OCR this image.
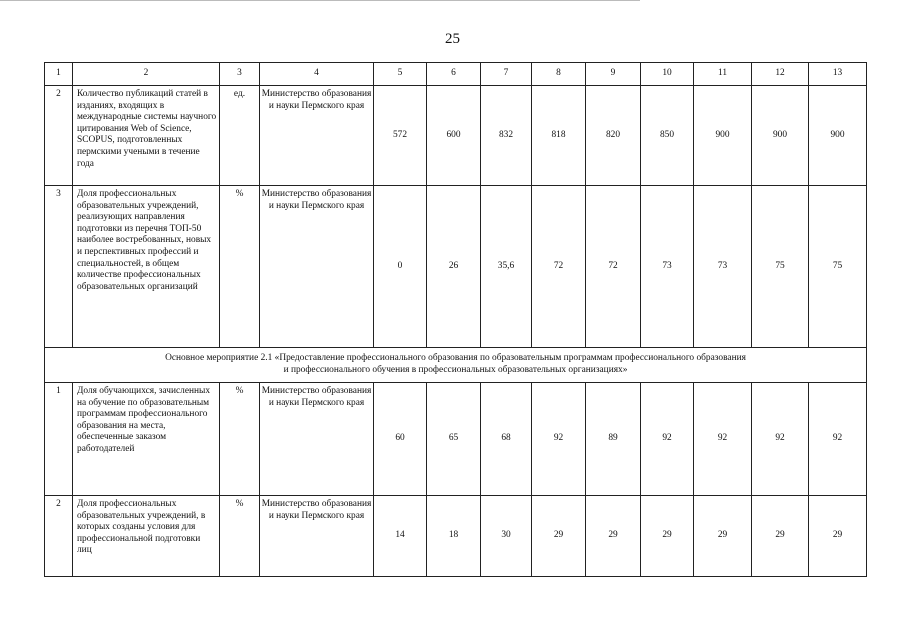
25
1	2	3	4	5	6	7	8	9	10	11	12	13
2	Количество публикаций статей в изданиях, входящих в международные системы научного цитирования Web of Science, SCOPUS, подготовленных пермскими учеными в течение года	ед.	Министерство образования и науки Пермского края	572	600	832	818	820	850	900	900	900
3	Доля профессиональных образовательных учреждений, реализующих направления подготовки из перечня ТОП-50 наиболее востребованных, новых и перспективных профессий и специальностей, в общем количестве профессиональных образовательных организаций	%	Министерство образования и науки Пермского края	0	26	35,6	72	72	73	73	75	75
Основное мероприятие 2.1 «Предоставление профессионального образования по образовательным программам профессионального образования
и профессионального обучения в профессиональных образовательных организациях»												
1	Доля обучающихся, зачисленных на обучение по образовательным программам профессионального образования на места, обеспеченные заказом работодателей	%	Министерство образования и науки Пермского края	60	65	68	92	89	92	92	92	92
2	Доля профессиональных образовательных учреждений, в которых созданы условия для профессиональной подготовки лиц	%	Министерство образования и науки Пермского края	14	18	30	29	29	29	29	29	29
